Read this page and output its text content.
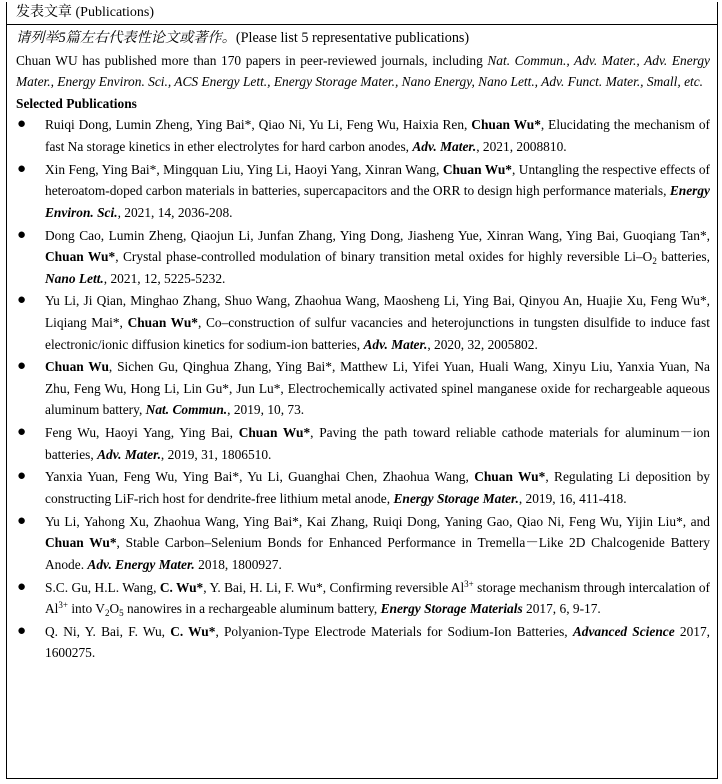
发表文章 (Publications)
请列举5篇左右代表性论文或著作。(Please list 5 representative publications)
Chuan WU has published more than 170 papers in peer-reviewed journals, including Nat. Commun., Adv. Mater., Adv. Energy Mater., Energy Environ. Sci., ACS Energy Lett., Energy Storage Mater., Nano Energy, Nano Lett., Adv. Funct. Mater., Small, etc.
Selected Publications
● Ruiqi Dong, Lumin Zheng, Ying Bai*, Qiao Ni, Yu Li, Feng Wu, Haixia Ren, Chuan Wu*, Elucidating the mechanism of fast Na storage kinetics in ether electrolytes for hard carbon anodes, Adv. Mater., 2021, 2008810.
● Xin Feng, Ying Bai*, Mingquan Liu, Ying Li, Haoyi Yang, Xinran Wang, Chuan Wu*, Untangling the respective effects of heteroatom-doped carbon materials in batteries, supercapacitors and the ORR to design high performance materials, Energy Environ. Sci., 2021, 14, 2036-208.
● Dong Cao, Lumin Zheng, Qiaojun Li, Junfan Zhang, Ying Dong, Jiasheng Yue, Xinran Wang, Ying Bai, Guoqiang Tan*, Chuan Wu*, Crystal phase-controlled modulation of binary transition metal oxides for highly reversible $Li-O_2$ batteries, Nano Lett., 2021, 12, 5225-5232.
● Yu Li, Ji Qian, Minghao Zhang, Shuo Wang, Zhaohua Wang, Maosheng Li, Ying Bai, Qinyou An, Huajie Xu, Feng Wu*, Liqiang Mai*, Chuan Wu*, Co–construction of sulfur vacancies and heterojunctions in tungsten disulfide to induce fast electronic/ionic diffusion kinetics for sodium-ion batteries, Adv. Mater., 2020, 32, 2005802.
● Chuan Wu, Sichen Gu, Qinghua Zhang, Ying Bai*, Matthew Li, Yifei Yuan, Huali Wang, Xinyu Liu, Yanxia Yuan, Na Zhu, Feng Wu, Hong Li, Lin Gu*, Jun Lu*, Electrochemically activated spinel manganese oxide for rechargeable aqueous aluminum battery, Nat. Commun., 2019, 10, 73.
● Feng Wu, Haoyi Yang, Ying Bai, Chuan Wu*, Paving the path toward reliable cathode materials for aluminum－ion batteries, Adv. Mater., 2019, 31, 1806510.
● Yanxia Yuan, Feng Wu, Ying Bai*, Yu Li, Guanghai Chen, Zhaohua Wang, Chuan Wu*, Regulating Li deposition by constructing LiF-rich host for dendrite-free lithium metal anode, Energy Storage Mater., 2019, 16, 411-418.
● Yu Li, Yahong Xu, Zhaohua Wang, Ying Bai*, Kai Zhang, Ruiqi Dong, Yaning Gao, Qiao Ni, Feng Wu, Yijin Liu*, and Chuan Wu*, Stable Carbon–Selenium Bonds for Enhanced Performance in Tremella－Like 2D Chalcogenide Battery Anode. Adv. Energy Mater. 2018, 1800927.
● S.C. Gu, H.L. Wang, C. Wu*, Y. Bai, H. Li, F. Wu*, Confirming reversible $Al^{3+}$ storage mechanism through intercalation of $Al^{3+}$ into $V_2O_5$ nanowires in a rechargeable aluminum battery, Energy Storage Materials 2017, 6, 9-17.
● Q. Ni, Y. Bai, F. Wu, C. Wu*, Polyanion-Type Electrode Materials for Sodium-Ion Batteries, Advanced Science 2017, 1600275.
